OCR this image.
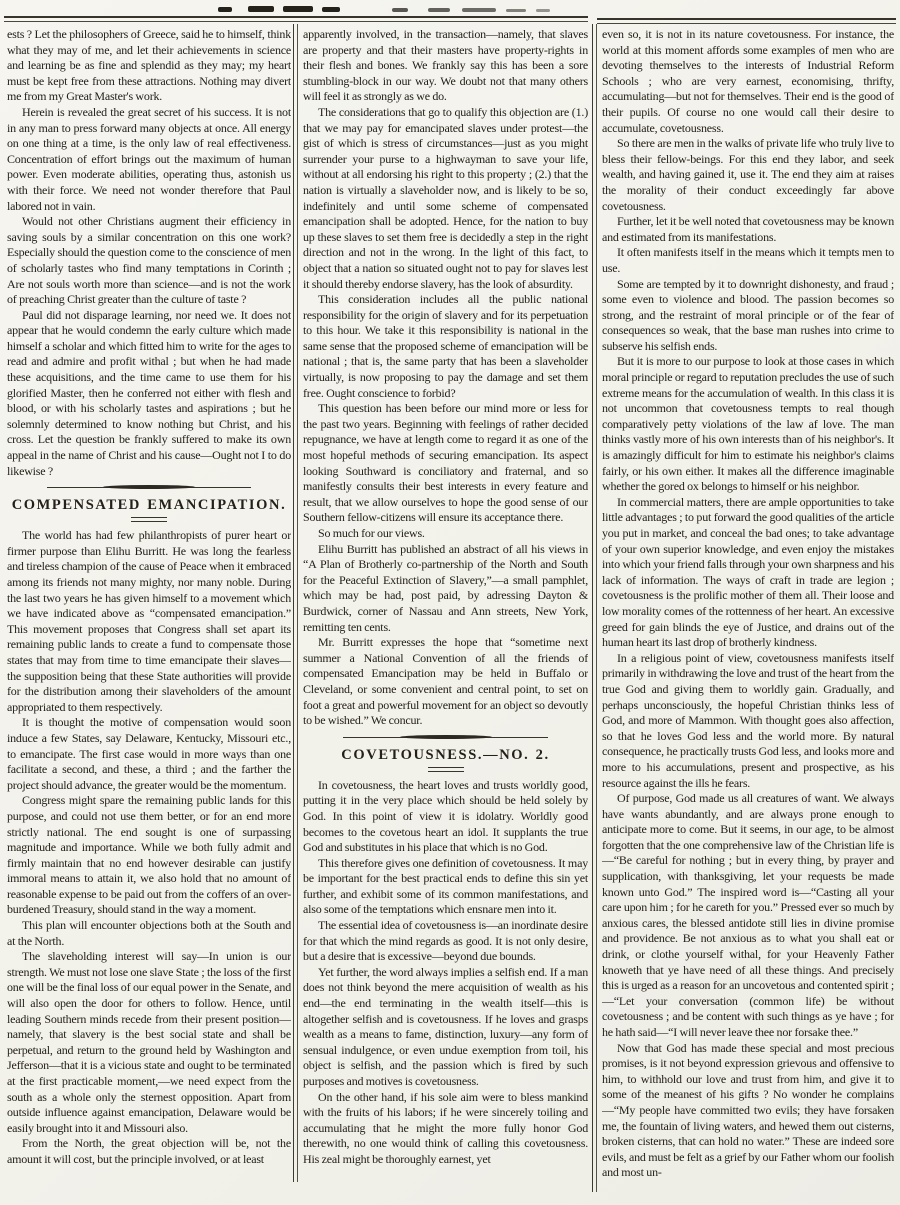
ests ? Let the philosophers of Greece, said he to himself, think what they may of me, and let their achievements in science and learning be as fine and splendid as they may; my heart must be kept free from these attractions. Nothing may divert me from my Great Master's work.

Herein is revealed the great secret of his success. It is not in any man to press forward many objects at once. All energy on one thing at a time, is the only law of real effectiveness. Concentration of effort brings out the maximum of human power. Even moderate abilities, operating thus, astonish us with their force. We need not wonder therefore that Paul labored not in vain.

Would not other Christians augment their efficiency in saving souls by a similar concentration on this one work? Especially should the question come to the conscience of men of scholarly tastes who find many temptations in Corinth ; Are not souls worth more than science—and is not the work of preaching Christ greater than the culture of taste ?

Paul did not disparage learning, nor need we. It does not appear that he would condemn the early culture which made himself a scholar and which fitted him to write for the ages to read and admire and profit withal ; but when he had made these acquisitions, and the time came to use them for his glorified Master, then he conferred not either with flesh and blood, or with his scholarly tastes and aspirations ; but he solemnly determined to know nothing but Christ, and his cross. Let the question be frankly suffered to make its own appeal in the name of Christ and his cause—Ought not I to do likewise ?

COMPENSATED EMANCIPATION.

The world has had few philanthropists of purer heart or firmer purpose than Elihu Burritt. He was long the fearless and tireless champion of the cause of Peace when it embraced among its friends not many mighty, nor many noble. During the last two years he has given himself to a movement which we have indicated above as “compensated emancipation.” This movement proposes that Congress shall set apart its remaining public lands to create a fund to compensate those states that may from time to time emancipate their slaves—the supposition being that these State authorities will provide for the distribution among their slaveholders of the amount appropriated to them respectively.

It is thought the motive of compensation would soon induce a few States, say Delaware, Kentucky, Missouri etc., to emancipate. The first case would in more ways than one facilitate a second, and these, a third ; and the farther the project should advance, the greater would be the momentum.

Congress might spare the remaining public lands for this purpose, and could not use them better, or for an end more strictly national. The end sought is one of surpassing magnitude and importance. While we both fully admit and firmly maintain that no end however desirable can justify immoral means to attain it, we also hold that no amount of reasonable expense to be paid out from the coffers of an over-burdened Treasury, should stand in the way a moment.

This plan will encounter objections both at the South and at the North.

The slaveholding interest will say—In union is our strength. We must not lose one slave State ; the loss of the first one will be the final loss of our equal power in the Senate, and will also open the door for others to follow. Hence, until leading Southern minds recede from their present position—namely, that slavery is the best social state and shall be perpetual, and return to the ground held by Washington and Jefferson—that it is a vicious state and ought to be terminated at the first practicable moment,—we need expect from the south as a whole only the sternest opposition. Apart from outside influence against emancipation, Delaware would be easily brought into it and Missouri also.

From the North, the great objection will be, not the amount it will cost, but the principle involved, or at least

apparently involved, in the transaction—namely, that slaves are property and that their masters have property-rights in their flesh and bones. We frankly say this has been a sore stumbling-block in our way. We doubt not that many others will feel it as strongly as we do.

The considerations that go to qualify this objection are (1.) that we may pay for emancipated slaves under protest—the gist of which is stress of circumstances—just as you might surrender your purse to a highwayman to save your life, without at all endorsing his right to this property ; (2.) that the nation is virtually a slaveholder now, and is likely to be so, indefinitely and until some scheme of compensated emancipation shall be adopted. Hence, for the nation to buy up these slaves to set them free is decidedly a step in the right direction and not in the wrong. In the light of this fact, to object that a nation so situated ought not to pay for slaves lest it should thereby endorse slavery, has the look of absurdity.

This consideration includes all the public national responsibility for the origin of slavery and for its perpetuation to this hour. We take it this responsibility is national in the same sense that the proposed scheme of emancipation will be national ; that is, the same party that has been a slaveholder virtually, is now proposing to pay the damage and set them free. Ought conscience to forbid?

This question has been before our mind more or less for the past two years. Beginning with feelings of rather decided repugnance, we have at length come to regard it as one of the most hopeful methods of securing emancipation. Its aspect looking Southward is conciliatory and fraternal, and so manifestly consults their best interests in every feature and result, that we allow ourselves to hope the good sense of our Southern fellow-citizens will ensure its acceptance there.

So much for our views.

Elihu Burritt has published an abstract of all his views in “A Plan of Brotherly co-partnership of the North and South for the Peaceful Extinction of Slavery,”—a small pamphlet, which may be had, post paid, by adressing Dayton & Burdwick, corner of Nassau and Ann streets, New York, remitting ten cents.

Mr. Burritt expresses the hope that “sometime next summer a National Convention of all the friends of compensated Emancipation may be held in Buffalo or Cleveland, or some convenient and central point, to set on foot a great and powerful movement for an object so devoutly to be wished.” We concur.

COVETOUSNESS.—NO. 2.

In covetousness, the heart loves and trusts worldly good, putting it in the very place which should be held solely by God. In this point of view it is idolatry. Worldly good becomes to the covetous heart an idol. It supplants the true God and substitutes in his place that which is no God.

This therefore gives one definition of covetousness. It may be important for the best practical ends to define this sin yet further, and exhibit some of its common manifestations, and also some of the temptations which ensnare men into it.

The essential idea of covetousness is—an inordinate desire for that which the mind regards as good. It is not only desire, but a desire that is excessive—beyond due bounds.

Yet further, the word always implies a selfish end. If a man does not think beyond the mere acquisition of wealth as his end—the end terminating in the wealth itself—this is altogether selfish and is covetousness. If he loves and grasps wealth as a means to fame, distinction, luxury—any form of sensual indulgence, or even undue exemption from toil, his object is selfish, and the passion which is fired by such purposes and motives is covetousness.

On the other hand, if his sole aim were to bless mankind with the fruits of his labors; if he were sincerely toiling and accumulating that he might the more fully honor God therewith, no one would think of calling this covetousness. His zeal might be thoroughly earnest, yet

even so, it is not in its nature covetousness. For instance, the world at this moment affords some examples of men who are devoting themselves to the interests of Industrial Reform Schools ; who are very earnest, economising, thrifty, accumulating—but not for themselves. Their end is the good of their pupils. Of course no one would call their desire to accumulate, covetousness.

So there are men in the walks of private life who truly live to bless their fellow-beings. For this end they labor, and seek wealth, and having gained it, use it. The end they aim at raises the morality of their conduct exceedingly far above covetousness.

Further, let it be well noted that covetousness may be known and estimated from its manifestations.

It often manifests itself in the means which it tempts men to use.

Some are tempted by it to downright dishonesty, and fraud ; some even to violence and blood. The passion becomes so strong, and the restraint of moral principle or of the fear of consequences so weak, that the base man rushes into crime to subserve his selfish ends.

But it is more to our purpose to look at those cases in which moral principle or regard to reputation precludes the use of such extreme means for the accumulation of wealth. In this class it is not uncommon that covetousness tempts to real though comparatively petty violations of the law af love. The man thinks vastly more of his own interests than of his neighbor's. It is amazingly difficult for him to estimate his neighbor's claims fairly, or his own either. It makes all the difference imaginable whether the gored ox belongs to himself or his neighbor.

In commercial matters, there are ample opportunities to take little advantages ; to put forward the good qualities of the article you put in market, and conceal the bad ones; to take advantage of your own superior knowledge, and even enjoy the mistakes into which your friend falls through your own sharpness and his lack of information. The ways of craft in trade are legion ; covetousness is the prolific mother of them all. Their loose and low morality comes of the rottenness of her heart. An excessive greed for gain blinds the eye of Justice, and drains out of the human heart its last drop of brotherly kindness.

In a religious point of view, covetousness manifests itself primarily in withdrawing the love and trust of the heart from the true God and giving them to worldly gain. Gradually, and perhaps unconsciously, the hopeful Christian thinks less of God, and more of Mammon. With thought goes also affection, so that he loves God less and the world more. By natural consequence, he practically trusts God less, and looks more and more to his accumulations, present and prospective, as his resource against the ills he fears.

Of purpose, God made us all creatures of want. We always have wants abundantly, and are always prone enough to anticipate more to come. But it seems, in our age, to be almost forgotten that the one comprehensive law of the Christian life is—“Be careful for nothing ; but in every thing, by prayer and supplication, with thanksgiving, let your requests be made known unto God.” The inspired word is—“Casting all your care upon him ; for he careth for you.” Pressed ever so much by anxious cares, the blessed antidote still lies in divine promise and providence. Be not anxious as to what you shall eat or drink, or clothe yourself withal, for your Heavenly Father knoweth that ye have need of all these things. And precisely this is urged as a reason for an uncovetous and contented spirit ;—“Let your conversation (common life) be without covetousness ; and be content with such things as ye have ; for he hath said—“I will never leave thee nor forsake thee.”

Now that God has made these special and most precious promises, is it not beyond expression grievous and offensive to him, to withhold our love and trust from him, and give it to some of the meanest of his gifts ? No wonder he complains—“My people have committed two evils; they have forsaken me, the fountain of living waters, and hewed them out cisterns, broken cisterns, that can hold no water.” These are indeed sore evils, and must be felt as a grief by our Father whom our foolish and most un-
